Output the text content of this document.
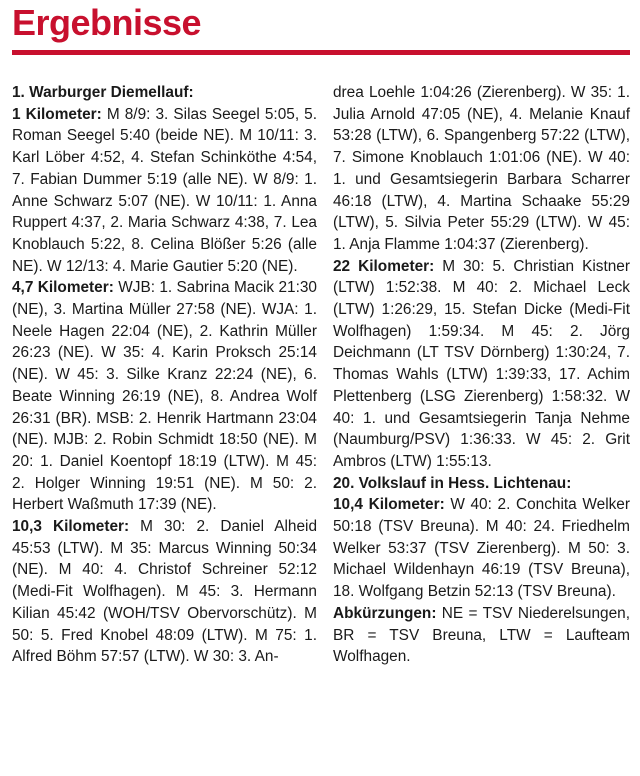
Ergebnisse

1. Warburger Diemellauf:

1 Kilometer: M 8/9: 3. Silas Seegel 5:05, 5. Roman Seegel 5:40 (beide NE). M 10/11: 3. Karl Löber 4:52, 4. Stefan Schinköthe 4:54, 7. Fabian Dummer 5:19 (alle NE). W 8/9: 1. Anne Schwarz 5:07 (NE). W 10/11: 1. Anna Ruppert 4:37, 2. Maria Schwarz 4:38, 7. Lea Knoblauch 5:22, 8. Celina Blößer 5:26 (alle NE). W 12/13: 4. Marie Gautier 5:20 (NE).

4,7 Kilometer: WJB: 1. Sabrina Macik 21:30 (NE), 3. Martina Müller 27:58 (NE). WJA: 1. Neele Hagen 22:04 (NE), 2. Kathrin Müller 26:23 (NE). W 35: 4. Karin Proksch 25:14 (NE). W 45: 3. Silke Kranz 22:24 (NE), 6. Beate Winning 26:19 (NE), 8. Andrea Wolf 26:31 (BR). MSB: 2. Henrik Hartmann 23:04 (NE). MJB: 2. Robin Schmidt 18:50 (NE). M 20: 1. Daniel Koentopf 18:19 (LTW). M 45: 2. Holger Winning 19:51 (NE). M 50: 2. Herbert Waßmuth 17:39 (NE).

10,3 Kilometer: M 30: 2. Daniel Alheid 45:53 (LTW). M 35: Marcus Winning 50:34 (NE). M 40: 4. Christof Schreiner 52:12 (Medi-Fit Wolfhagen). M 45: 3. Hermann Kilian 45:42 (WOH/TSV Obervorschütz). M 50: 5. Fred Knobel 48:09 (LTW). M 75: 1. Alfred Böhm 57:57 (LTW). W 30: 3. An-

drea Loehle 1:04:26 (Zierenberg). W 35: 1. Julia Arnold 47:05 (NE), 4. Melanie Knauf 53:28 (LTW), 6. Spangenberg 57:22 (LTW), 7. Simone Knoblauch 1:01:06 (NE). W 40: 1. und Gesamtsiegerin Barbara Scharrer 46:18 (LTW), 4. Martina Schaake 55:29 (LTW), 5. Silvia Peter 55:29 (LTW). W 45: 1. Anja Flamme 1:04:37 (Zierenberg).

22 Kilometer: M 30: 5. Christian Kistner (LTW) 1:52:38. M 40: 2. Michael Leck (LTW) 1:26:29, 15. Stefan Dicke (Medi-Fit Wolfhagen) 1:59:34. M 45: 2. Jörg Deichmann (LT TSV Dörnberg) 1:30:24, 7. Thomas Wahls (LTW) 1:39:33, 17. Achim Plettenberg (LSG Zierenberg) 1:58:32. W 40: 1. und Gesamtsiegerin Tanja Nehme (Naumburg/PSV) 1:36:33. W 45: 2. Grit Ambros (LTW) 1:55:13.

20. Volkslauf in Hess. Lichtenau:

10,4 Kilometer: W 40: 2. Conchita Welker 50:18 (TSV Breuna). M 40: 24. Friedhelm Welker 53:37 (TSV Zierenberg). M 50: 3. Michael Wildenhayn 46:19 (TSV Breuna), 18. Wolfgang Betzin 52:13 (TSV Breuna).

Abkürzungen: NE = TSV Niederelsungen, BR = TSV Breuna, LTW = Laufteam Wolfhagen.
